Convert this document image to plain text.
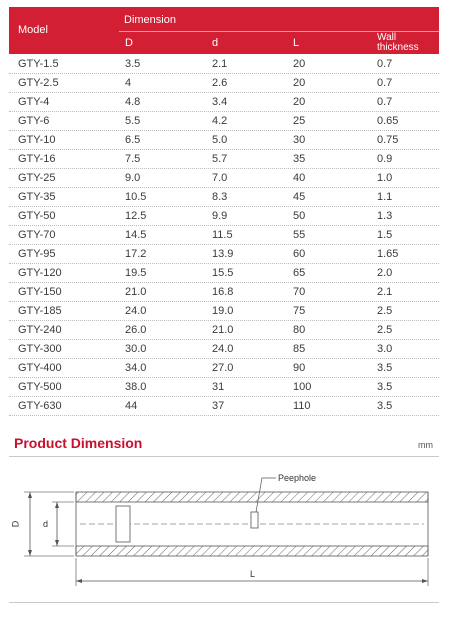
Model
Dimension
D	d	L	Wall
thickness
GTY-1.5	3.5	2.1	20	0.7
GTY-2.5	4	2.6	20	0.7
GTY-4	4.8	3.4	20	0.7
GTY-6	5.5	4.2	25	0.65
GTY-10	6.5	5.0	30	0.75
GTY-16	7.5	5.7	35	0.9
GTY-25	9.0	7.0	40	1.0
GTY-35	10.5	8.3	45	1.1
GTY-50	12.5	9.9	50	1.3
GTY-70	14.5	11.5	55	1.5
GTY-95	17.2	13.9	60	1.65
GTY-120	19.5	15.5	65	2.0
GTY-150	21.0	16.8	70	2.1
GTY-185	24.0	19.0	75	2.5
GTY-240	26.0	21.0	80	2.5
GTY-300	30.0	24.0	85	3.0
GTY-400	34.0	27.0	90	3.5
GTY-500	38.0	31	100	3.5
GTY-630	44	37	110	3.5
Product Dimension	mm
Peephole
D	d
L
